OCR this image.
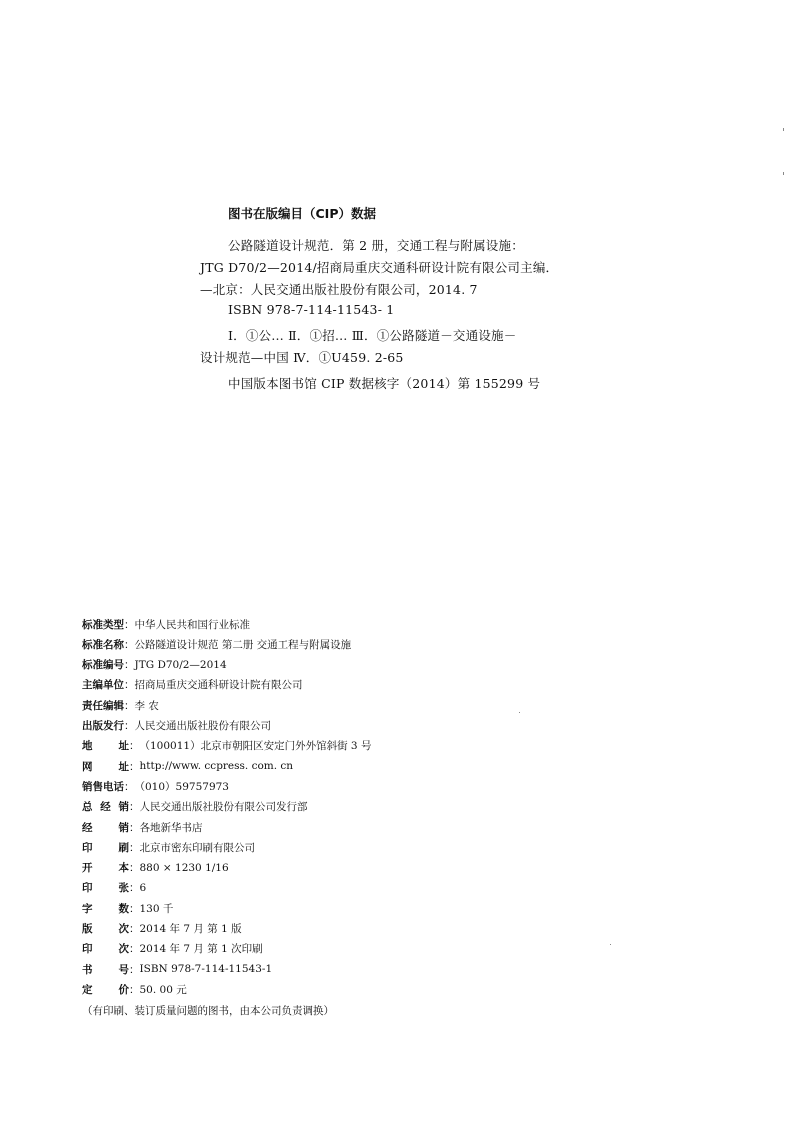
图书在版编目（CIP）数据
公路隧道设计规范．第 2 册，交通工程与附属设施：
JTG D70/2—2014/招商局重庆交通科研设计院有限公司主编．
—北京：人民交通出版社股份有限公司，2014. 7
ISBN 978-7-114-11543- 1
Ⅰ．①公… Ⅱ．①招… Ⅲ．①公路隧道－交通设施－
设计规范—中国 Ⅳ．①U459. 2-65
中国版本图书馆 CIP 数据核字（2014）第 155299 号
标准类型 ： 中华人民共和国行业标准
标准名称 ： 公路隧道设计规范 第二册 交通工程与附属设施
标准编号 ： JTG D70/2—2014
主编单位 ： 招商局重庆交通科研设计院有限公司
责任编辑 ： 李 农
出版发行 ： 人民交通出版社股份有限公司
地 址 ： （100011）北京市朝阳区安定门外外馆斜街 3 号
网 址 ： http://www. ccpress. com. cn
销售电话 ： （010）59757973
总 经 销 ： 人民交通出版社股份有限公司发行部
经 销 ： 各地新华书店
印 刷 ： 北京市密东印刷有限公司
开 本 ： 880 × 1230 1/16
印 张 ： 6
字 数 ： 130 千
版 次 ： 2014 年 7 月 第 1 版
印 次 ： 2014 年 7 月 第 1 次印刷
书 号 ： ISBN 978-7-114-11543-1
定 价 ： 50. 00 元
（有印刷、装订质量问题的图书，由本公司负责调换）
